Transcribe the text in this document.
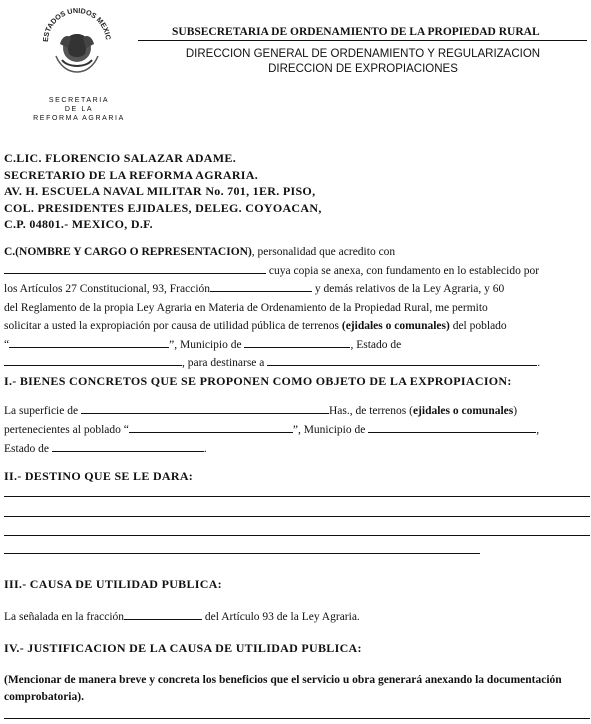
ESTADOS UNIDOS MEXIC
SECRETARIA
DE LA
REFORMA AGRARIA
SUBSECRETARIA DE ORDENAMIENTO DE LA PROPIEDAD RURAL
DIRECCION GENERAL DE ORDENAMIENTO Y REGULARIZACION
DIRECCION DE EXPROPIACIONES
C.LIC. FLORENCIO SALAZAR ADAME.
SECRETARIO DE LA REFORMA AGRARIA.
AV. H. ESCUELA NAVAL MILITAR No. 701, 1ER. PISO,
COL. PRESIDENTES EJIDALES, DELEG. COYOACAN,
C.P. 04801.- MEXICO, D.F.
C.(NOMBRE Y CARGO O REPRESENTACION), personalidad que acredito con
cuya copia se anexa, con fundamento en lo establecido por
los Artículos 27 Constitucional, 93, Fracción	y demás relativos de la Ley Agraria, y 60
del Reglamento de la propia Ley Agraria en Materia de Ordenamiento de la Propiedad Rural, me permito
solicitar a usted la expropiación por causa de utilidad pública de terrenos (ejidales o comunales) del poblado
“	”, Municipio de	, Estado de
, para destinarse a	.
I.- BIENES CONCRETOS QUE SE PROPONEN COMO OBJETO DE LA EXPROPIACION:
La superficie de	Has., de terrenos (ejidales o comunales)
pertenecientes al poblado “	”, Municipio de	,
Estado de	.
II.- DESTINO QUE SE LE DARA:
III.- CAUSA DE UTILIDAD PUBLICA:
La señalada en la fracción	del Artículo 93 de la Ley Agraria.
IV.- JUSTIFICACION DE LA CAUSA DE UTILIDAD PUBLICA:
(Mencionar de manera breve y concreta los beneficios que el servicio u obra generará anexando la documentación comprobatoria).
